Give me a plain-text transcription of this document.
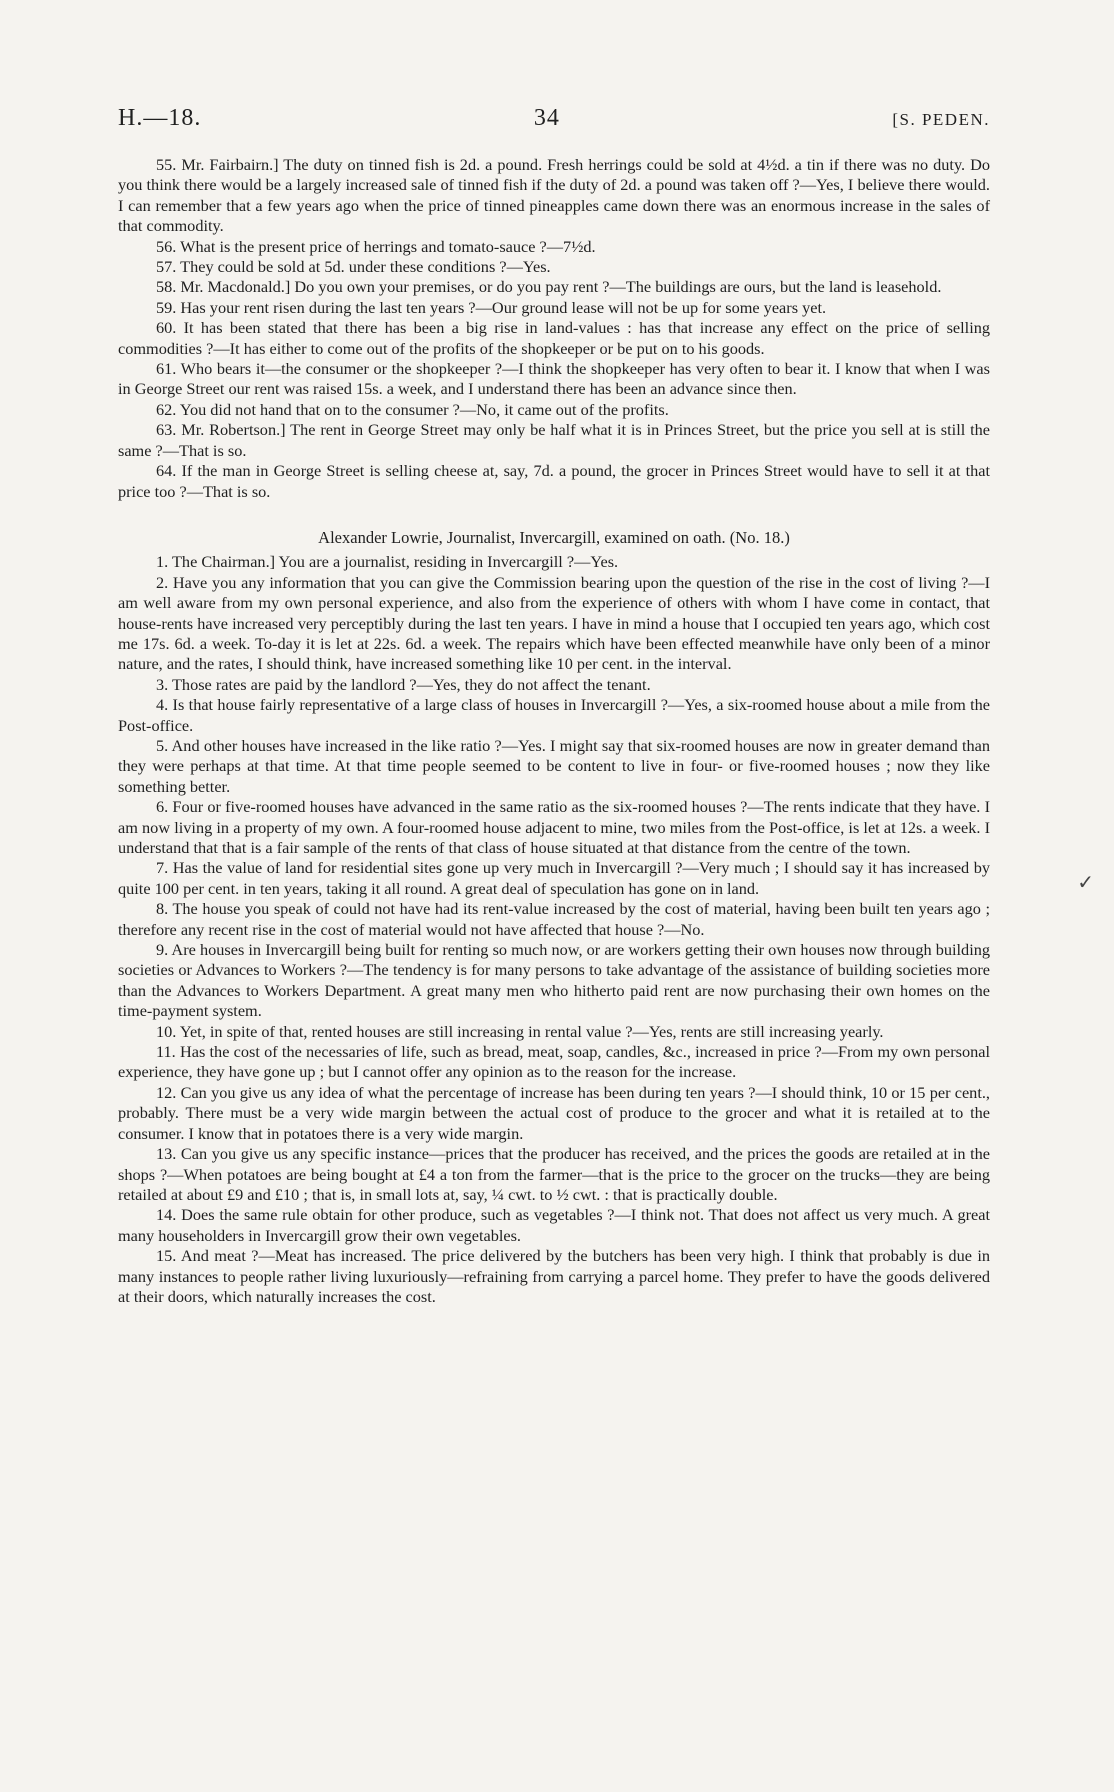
H.—18.	34	[S. PEDEN.

55. Mr. Fairbairn.] The duty on tinned fish is 2d. a pound. Fresh herrings could be sold at 4½d. a tin if there was no duty. Do you think there would be a largely increased sale of tinned fish if the duty of 2d. a pound was taken off ?—Yes, I believe there would. I can remember that a few years ago when the price of tinned pineapples came down there was an enormous increase in the sales of that commodity.

56. What is the present price of herrings and tomato-sauce ?—7½d.

57. They could be sold at 5d. under these conditions ?—Yes.

58. Mr. Macdonald.] Do you own your premises, or do you pay rent ?—The buildings are ours, but the land is leasehold.

59. Has your rent risen during the last ten years ?—Our ground lease will not be up for some years yet.

60. It has been stated that there has been a big rise in land-values : has that increase any effect on the price of selling commodities ?—It has either to come out of the profits of the shopkeeper or be put on to his goods.

61. Who bears it—the consumer or the shopkeeper ?—I think the shopkeeper has very often to bear it. I know that when I was in George Street our rent was raised 15s. a week, and I understand there has been an advance since then.

62. You did not hand that on to the consumer ?—No, it came out of the profits.

63. Mr. Robertson.] The rent in George Street may only be half what it is in Princes Street, but the price you sell at is still the same ?—That is so.

64. If the man in George Street is selling cheese at, say, 7d. a pound, the grocer in Princes Street would have to sell it at that price too ?—That is so.

Alexander Lowrie, Journalist, Invercargill, examined on oath. (No. 18.)

1. The Chairman.] You are a journalist, residing in Invercargill ?—Yes.

2. Have you any information that you can give the Commission bearing upon the question of the rise in the cost of living ?—I am well aware from my own personal experience, and also from the experience of others with whom I have come in contact, that house-rents have increased very perceptibly during the last ten years. I have in mind a house that I occupied ten years ago, which cost me 17s. 6d. a week. To-day it is let at 22s. 6d. a week. The repairs which have been effected meanwhile have only been of a minor nature, and the rates, I should think, have increased something like 10 per cent. in the interval.

3. Those rates are paid by the landlord ?—Yes, they do not affect the tenant.

4. Is that house fairly representative of a large class of houses in Invercargill ?—Yes, a six-roomed house about a mile from the Post-office.

5. And other houses have increased in the like ratio ?—Yes. I might say that six-roomed houses are now in greater demand than they were perhaps at that time. At that time people seemed to be content to live in four- or five-roomed houses ; now they like something better.

6. Four or five-roomed houses have advanced in the same ratio as the six-roomed houses ?—The rents indicate that they have. I am now living in a property of my own. A four-roomed house adjacent to mine, two miles from the Post-office, is let at 12s. a week. I understand that that is a fair sample of the rents of that class of house situated at that distance from the centre of the town.

7. Has the value of land for residential sites gone up very much in Invercargill ?—Very much ; I should say it has increased by quite 100 per cent. in ten years, taking it all round. A great deal of speculation has gone on in land.

8. The house you speak of could not have had its rent-value increased by the cost of material, having been built ten years ago ; therefore any recent rise in the cost of material would not have affected that house ?—No.

9. Are houses in Invercargill being built for renting so much now, or are workers getting their own houses now through building societies or Advances to Workers ?—The tendency is for many persons to take advantage of the assistance of building societies more than the Advances to Workers Department. A great many men who hitherto paid rent are now purchasing their own homes on the time-payment system.

10. Yet, in spite of that, rented houses are still increasing in rental value ?—Yes, rents are still increasing yearly.

11. Has the cost of the necessaries of life, such as bread, meat, soap, candles, &c., increased in price ?—From my own personal experience, they have gone up ; but I cannot offer any opinion as to the reason for the increase.

12. Can you give us any idea of what the percentage of increase has been during ten years ?—I should think, 10 or 15 per cent., probably. There must be a very wide margin between the actual cost of produce to the grocer and what it is retailed at to the consumer. I know that in potatoes there is a very wide margin.

13. Can you give us any specific instance—prices that the producer has received, and the prices the goods are retailed at in the shops ?—When potatoes are being bought at £4 a ton from the farmer—that is the price to the grocer on the trucks—they are being retailed at about £9 and £10 ; that is, in small lots at, say, ¼ cwt. to ½ cwt. : that is practically double.

14. Does the same rule obtain for other produce, such as vegetables ?—I think not. That does not affect us very much. A great many householders in Invercargill grow their own vegetables.

15. And meat ?—Meat has increased. The price delivered by the butchers has been very high. I think that probably is due in many instances to people rather living luxuriously—refraining from carrying a parcel home. They prefer to have the goods delivered at their doors, which naturally increases the cost.

✓
